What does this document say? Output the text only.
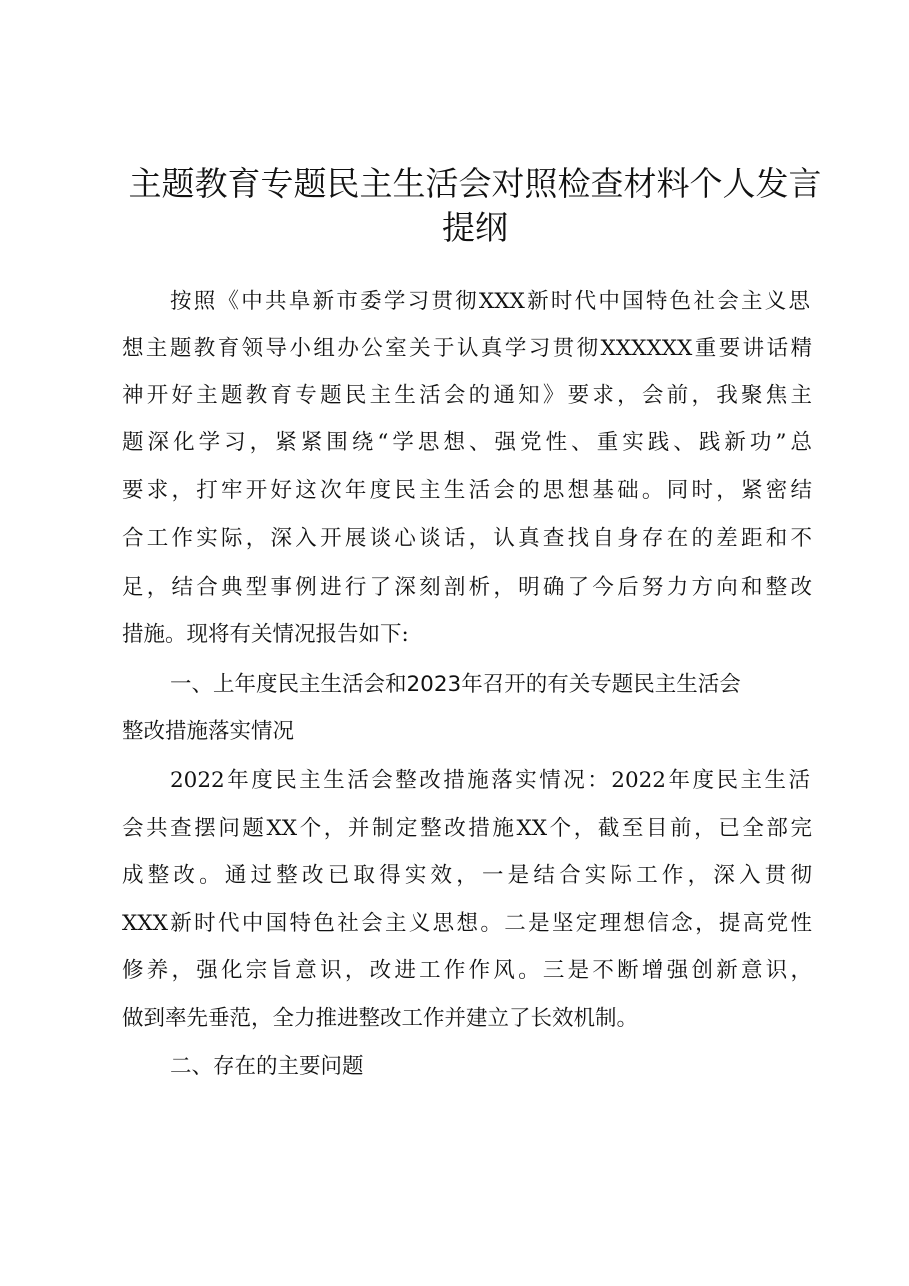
主题教育专题民主生活会对照检查材料个人发言
提纲

按照《中共阜新市委学习贯彻XXX新时代中国特色社会主义思

想主题教育领导小组办公室关于认真学习贯彻XXXXXX重要讲话精

神开好主题教育专题民主生活会的通知》要求，会前，我聚焦主

题深化学习，紧紧围绕“学思想、强党性、重实践、践新功”总

要求，打牢开好这次年度民主生活会的思想基础。同时，紧密结

合工作实际，深入开展谈心谈话，认真查找自身存在的差距和不

足，结合典型事例进行了深刻剖析，明确了今后努力方向和整改

措施。现将有关情况报告如下:

一、上年度民主生活会和2023年召开的有关专题民主生活会

整改措施落实情况

2022年度民主生活会整改措施落实情况：2022年度民主生活

会共查摆问题XX个，并制定整改措施XX个，截至目前，已全部完

成整改。通过整改已取得实效，一是结合实际工作，深入贯彻

XXX新时代中国特色社会主义思想。二是坚定理想信念，提高党性

修养，强化宗旨意识，改进工作作风。三是不断增强创新意识，

做到率先垂范，全力推进整改工作并建立了长效机制。

二、存在的主要问题
